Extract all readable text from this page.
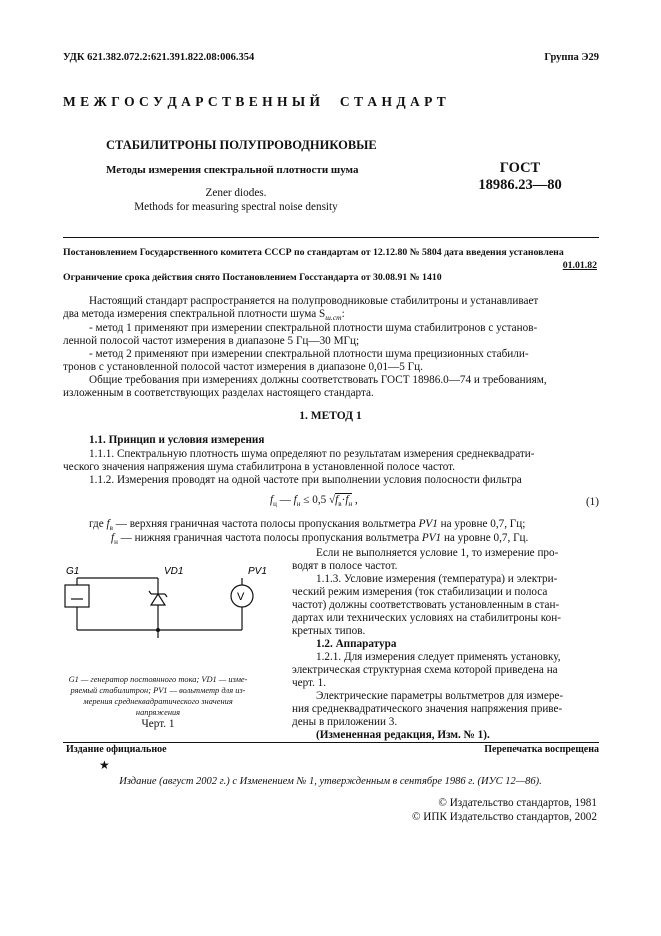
УДК 621.382.072.2:621.391.822.08:006.354	Группа Э29
М Е Ж Г О С У Д А Р С Т В Е Н Н Ы Й     С Т А Н Д А Р Т
СТАБИЛИТРОНЫ ПОЛУПРОВОДНИКОВЫЕ
Методы измерения спектральной плотности шума
Zener diodes.
Methods for measuring spectral noise density
ГОСТ
18986.23—80
Постановлением Государственного комитета СССР по стандартам от 12.12.80 № 5804 дата введения установлена
01.01.82
Ограничение срока действия снято Постановлением Госстандарта от 30.08.91 № 1410
Настоящий стандарт распространяется на полупроводниковые стабилитроны и устанавливает
два метода измерения спектральной плотности шума $S_{ш.ст}$:
- метод 1 применяют при измерении спектральной плотности шума стабилитронов с установ-
ленной полосой частот измерения в диапазоне 5 Гц—30 МГц;
- метод 2 применяют при измерении спектральной плотности шума прецизионных стабили-
тронов с установленной полосой частот измерения в диапазоне 0,01—5 Гц.
Общие требования при измерениях должны соответствовать ГОСТ 18986.0—74 и требованиям,
изложенным в соответствующих разделах настоящего стандарта.
1. МЕТОД 1
1.1. Принцип и условия измерения
1.1.1. Спектральную плотность шума определяют по результатам измерения среднеквадрати-
ческого значения напряжения шума стабилитрона в установленной полосе частот.
1.1.2. Измерения проводят на одной частоте при выполнении условия полосности фильтра
$f_ц$ — $f_н \le 0,5$ $√f_в\cdot f_н$ ,	(1)
где $f_в$ — верхняя граничная частота полосы пропускания вольтметра PV1 на уровне 0,7, Гц;
$f_н$ — нижняя граничная частота полосы пропускания вольтметра PV1 на уровне 0,7, Гц.
Если не выполняется условие 1, то измерение про-
водят в полосе частот.
1.1.3. Условие измерения (температура) и электри-
ческий режим измерения (ток стабилизации и полоса
частот) должны соответствовать установленным в стан-
дартах или технических условиях на стабилитроны кон-
кретных типов.
1.2. Аппаратура
1.2.1. Для измерения следует применять установку,
электрическая структурная схема которой приведена на
черт. 1.
Электрические параметры вольтметров для измере-
ния среднеквадратического значения напряжения приве-
дены в приложении 3.
(Измененная редакция, Изм. № 1).
G1	VD1	PV1
V
G1 — генератор постоянного тока; VD1 — изме-
ряемый стабилитрон; PV1 — вольтметр для из-
мерения среднеквадратического значения
напряжения
Черт. 1
Издание официальное	Перепечатка воспрещена
★
Издание (август 2002 г.) с Изменением № 1, утвержденным в сентябре 1986 г. (ИУС 12—86).
© Издательство стандартов, 1981
© ИПК Издательство стандартов, 2002
